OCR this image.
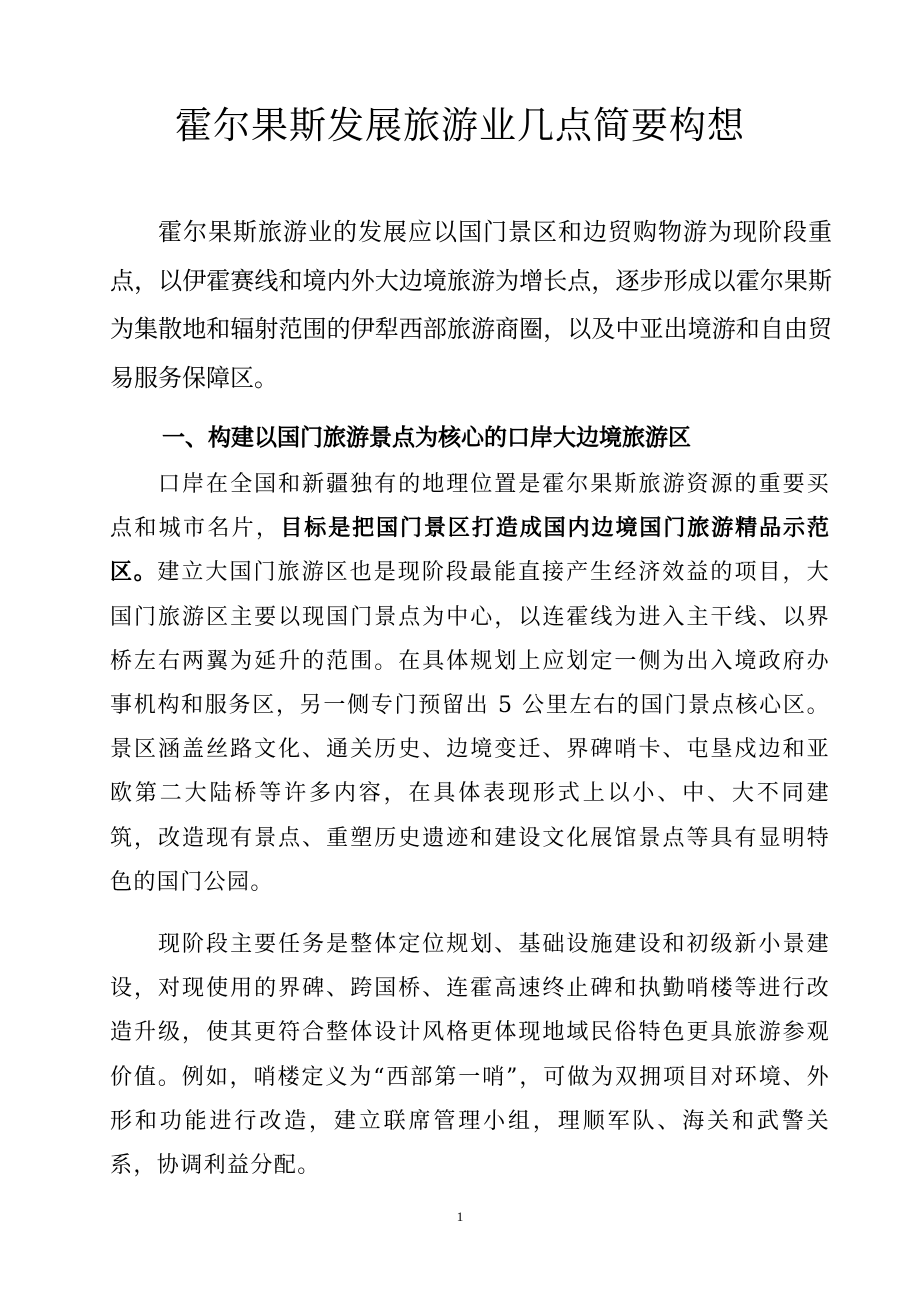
霍尔果斯发展旅游业几点简要构想

霍尔果斯旅游业的发展应以国门景区和边贸购物游为现阶段重点，以伊霍赛线和境内外大边境旅游为增长点，逐步形成以霍尔果斯为集散地和辐射范围的伊犁西部旅游商圈，以及中亚出境游和自由贸易服务保障区。

一、构建以国门旅游景点为核心的口岸大边境旅游区

口岸在全国和新疆独有的地理位置是霍尔果斯旅游资源的重要买点和城市名片，目标是把国门景区打造成国内边境国门旅游精品示范区。建立大国门旅游区也是现阶段最能直接产生经济效益的项目，大国门旅游区主要以现国门景点为中心，以连霍线为进入主干线、以界桥左右两翼为延升的范围。在具体规划上应划定一侧为出入境政府办事机构和服务区，另一侧专门预留出 5 公里左右的国门景点核心区。景区涵盖丝路文化、通关历史、边境变迁、界碑哨卡、屯垦戍边和亚欧第二大陆桥等许多内容，在具体表现形式上以小、中、大不同建筑，改造现有景点、重塑历史遗迹和建设文化展馆景点等具有显明特色的国门公园。

现阶段主要任务是整体定位规划、基础设施建设和初级新小景建设，对现使用的界碑、跨国桥、连霍高速终止碑和执勤哨楼等进行改造升级，使其更符合整体设计风格更体现地域民俗特色更具旅游参观价值。例如，哨楼定义为“西部第一哨”，可做为双拥项目对环境、外形和功能进行改造，建立联席管理小组，理顺军队、海关和武警关系，协调利益分配。

1
